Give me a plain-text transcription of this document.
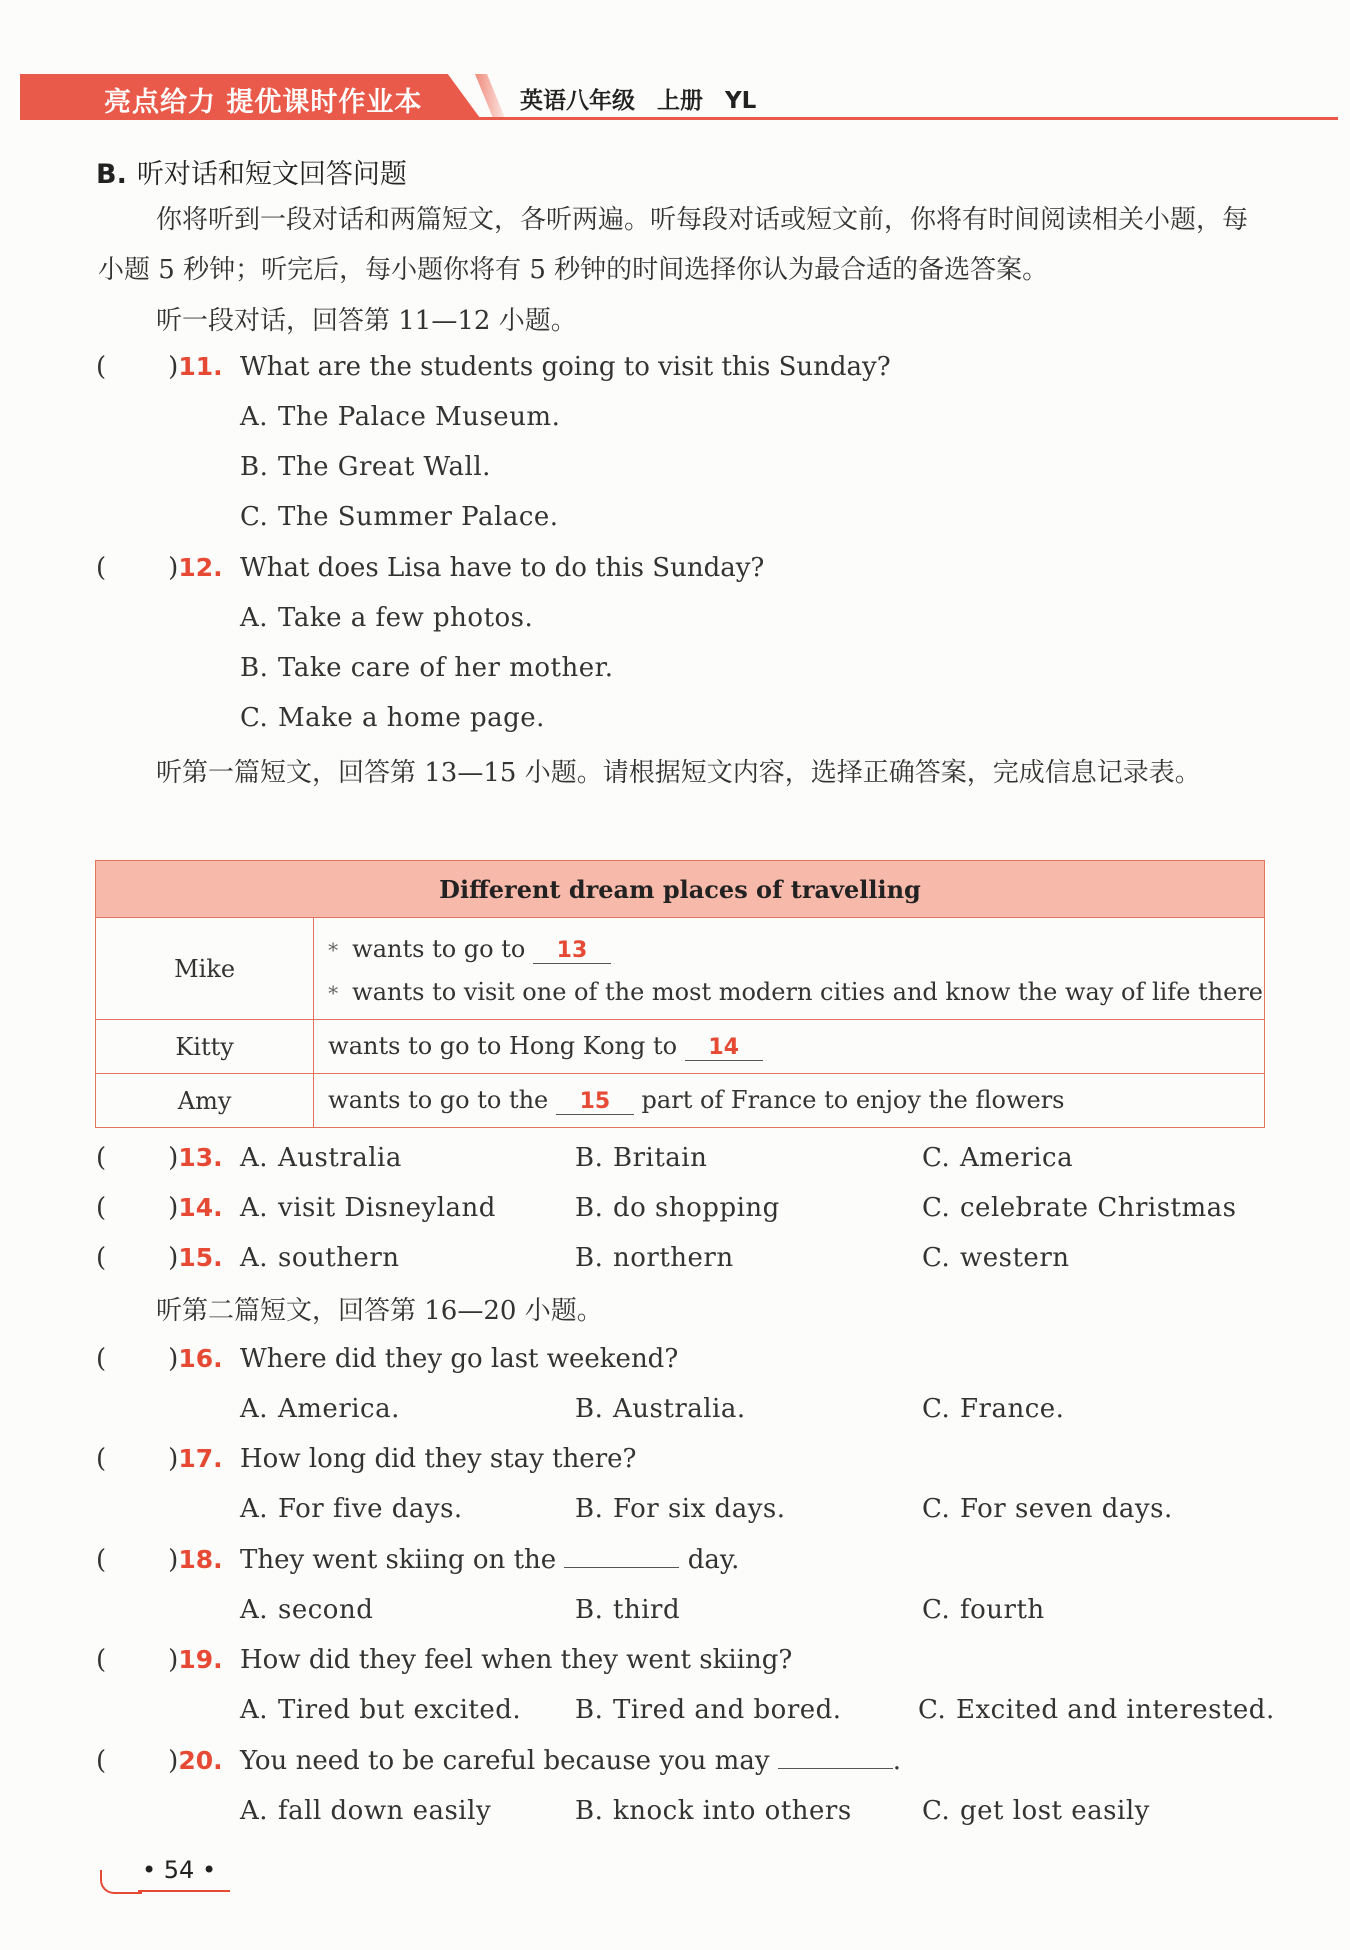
亮点给力 提优课时作业本	英语八年级 上册 YL
B. 听对话和短文回答问题
你将听到一段对话和两篇短文，各听两遍。听每段对话或短文前，你将有时间阅读相关小题，每小题 5 秒钟；听完后，每小题你将有 5 秒钟的时间选择你认为最合适的备选答案。
听一段对话，回答第 11—12 小题。
( )11. What are the students going to visit this Sunday?
A. The Palace Museum.
B. The Great Wall.
C. The Summer Palace.
( )12. What does Lisa have to do this Sunday?
A. Take a few photos.
B. Take care of her mother.
C. Make a home page.
听第一篇短文，回答第 13—15 小题。请根据短文内容，选择正确答案，完成信息记录表。
Different dream places of travelling	
Mike	* wants to go to 13
* wants to visit one of the most modern cities and know the way of life there

Kitty	wants to go to Hong Kong to 14
Amy	wants to go to the 15 part of France to enjoy the flowers
( )13. A. Australia	B. Britain	C. America
( )14. A. visit Disneyland	B. do shopping	C. celebrate Christmas
( )15. A. southern	B. northern	C. western
听第二篇短文，回答第 16—20 小题。
( )16. Where did they go last weekend?
A. America.	B. Australia.	C. France.
( )17. How long did they stay there?
A. For five days.	B. For six days.	C. For seven days.
( )18. They went skiing on the	day.
A. second	B. third	C. fourth
( )19. How did they feel when they went skiing?
A. Tired but excited. B. Tired and bored.	C. Excited and interested.
( )20. You need to be careful because you may	.
A. fall down easily	B. knock into others	C. get lost easily
• 54 •
